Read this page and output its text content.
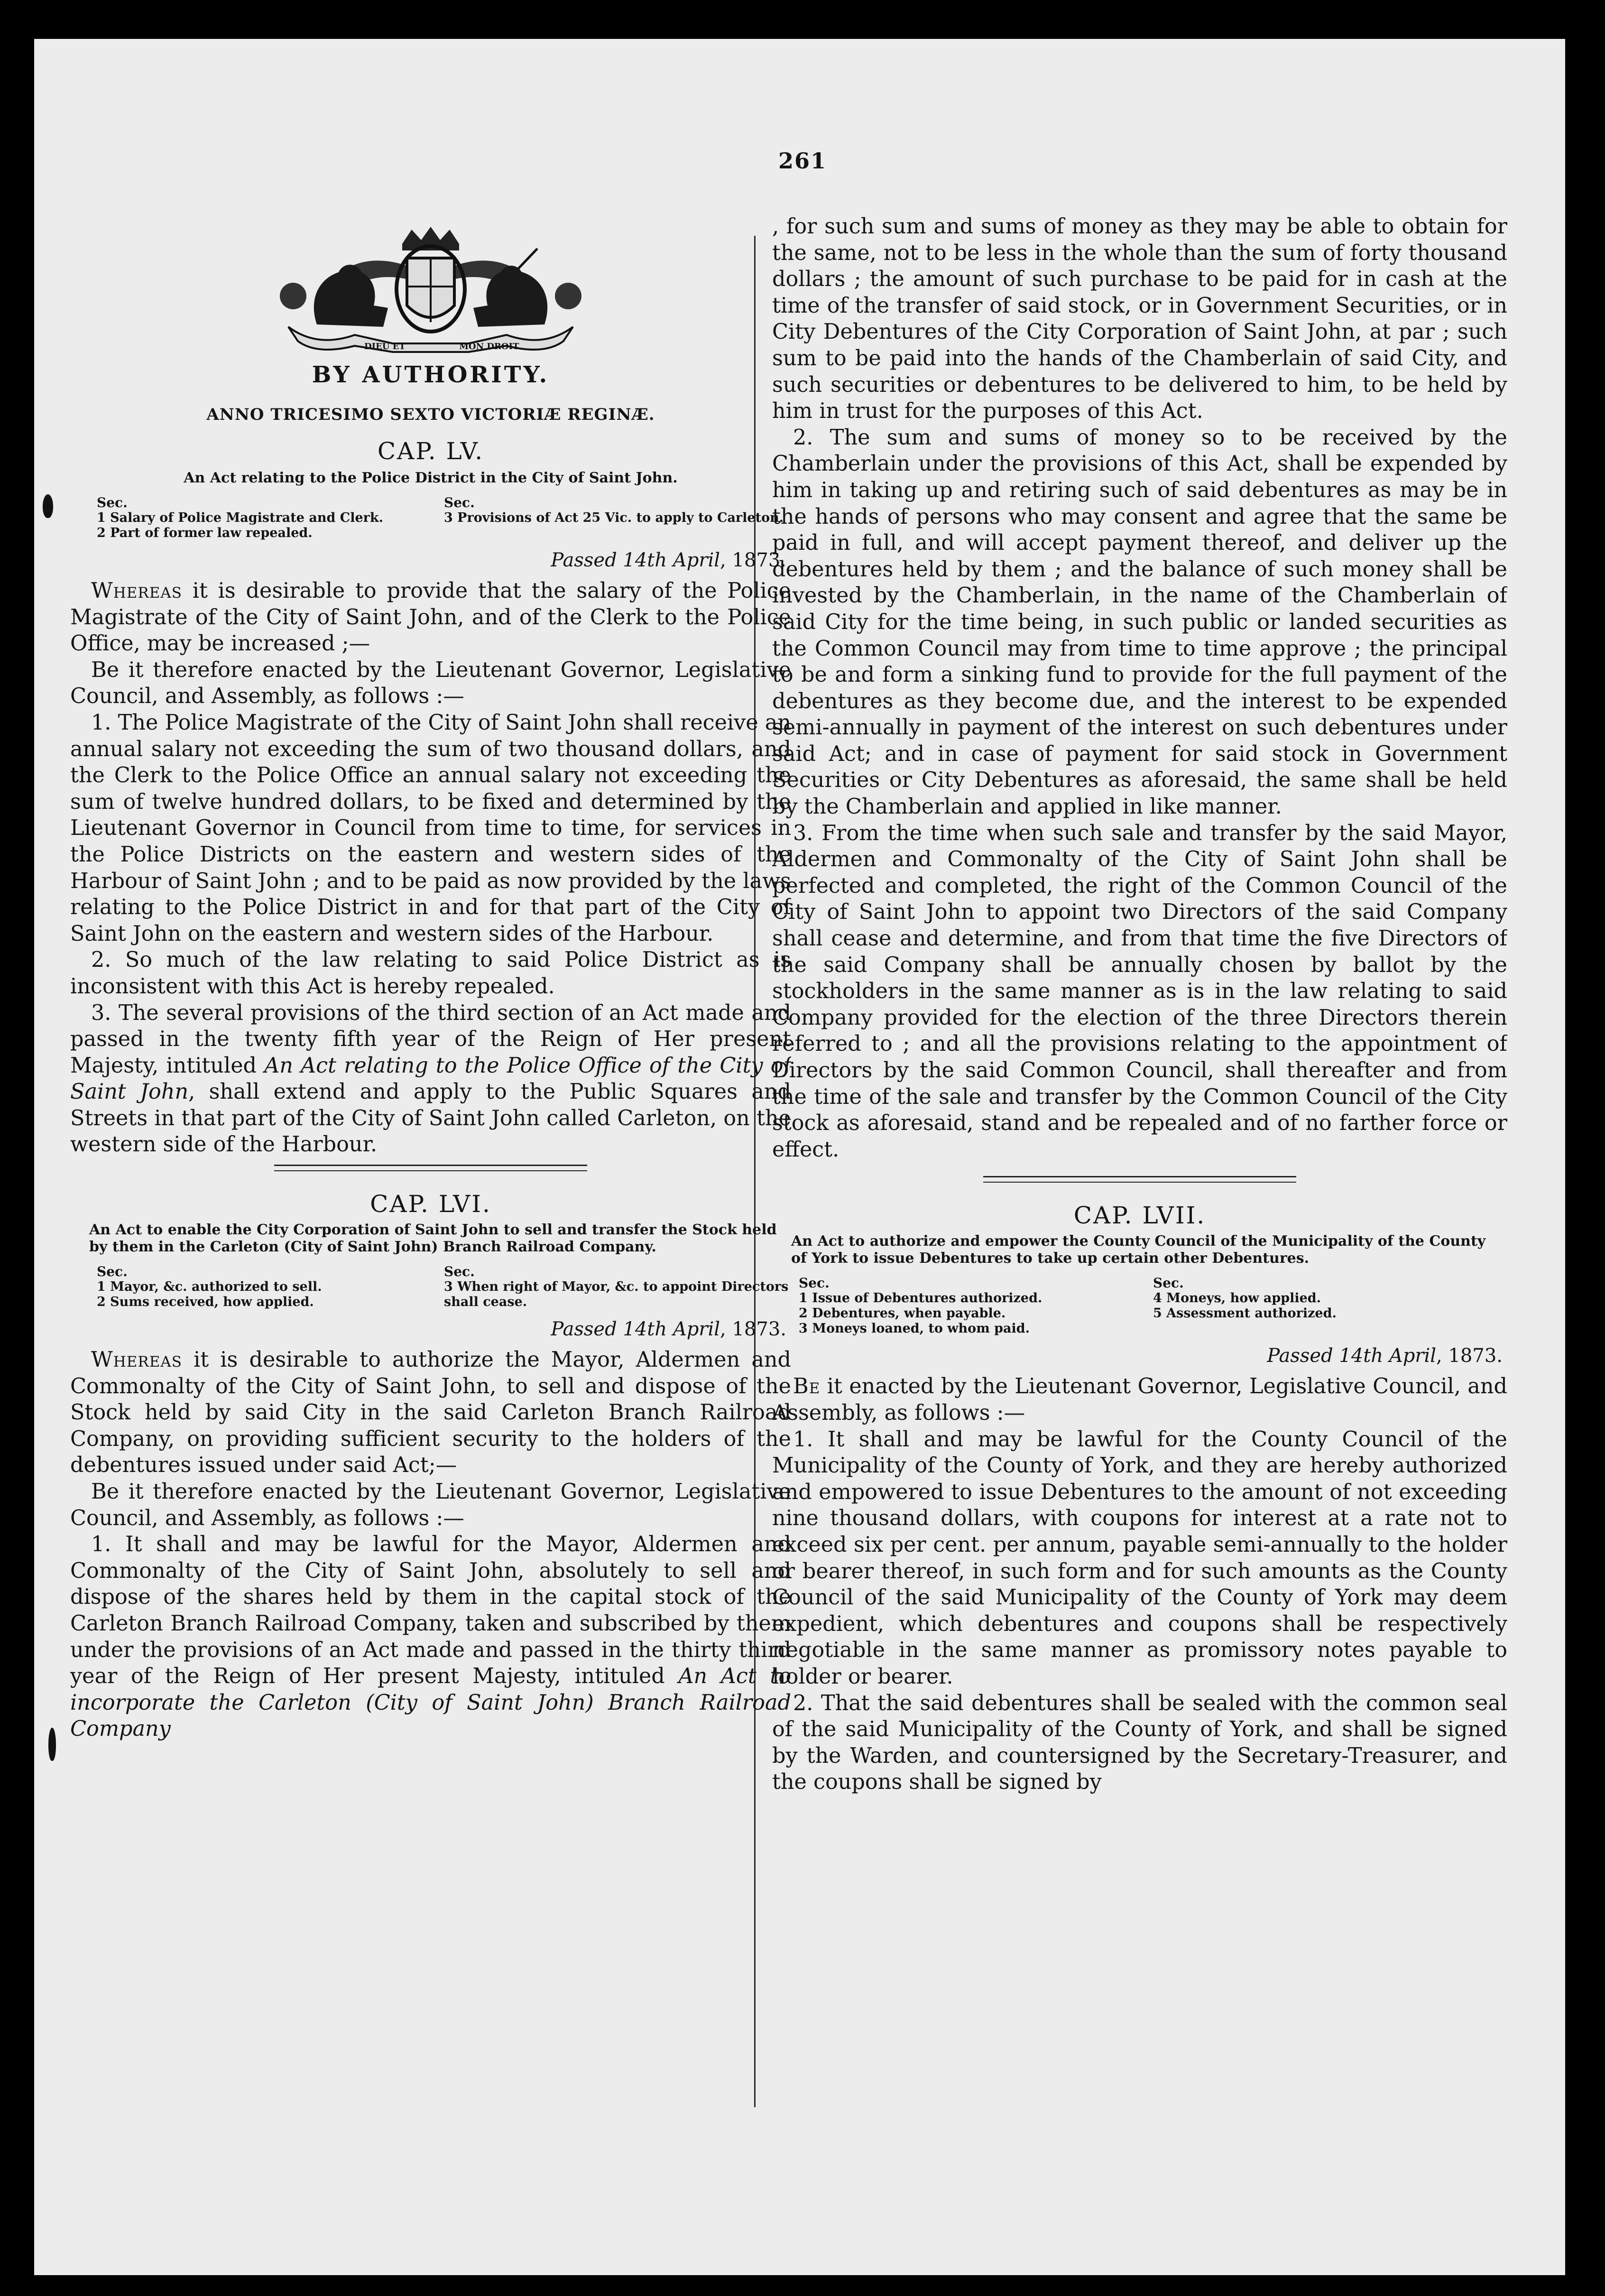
261
DIEU ET	MON DROIT
BY AUTHORITY.
ANNO TRICESIMO SEXTO VICTORIÆ REGINÆ.
CAP. LV.
An Act relating to the Police District in the City of Saint John.
Sec.
1 Salary of Police Magistrate and Clerk.
2 Part of former law repealed.
Sec.
3 Provisions of Act 25 Vic. to apply to Carleton.
Passed 14th April, 1873.

Whereas it is desirable to provide that the salary of the Police Magistrate of the City of Saint John, and of the Clerk to the Police Office, may be increased ;—

Be it therefore enacted by the Lieutenant Governor, Legislative Council, and Assembly, as follows :—

1. The Police Magistrate of the City of Saint John shall receive an annual salary not exceeding the sum of two thousand dollars, and the Clerk to the Police Office an annual salary not exceeding the sum of twelve hundred dollars, to be fixed and determined by the Lieutenant Governor in Council from time to time, for services in the Police Districts on the eastern and western sides of the Harbour of Saint John ; and to be paid as now provided by the laws relating to the Police District in and for that part of the City of Saint John on the eastern and western sides of the Harbour.

2. So much of the law relating to said Police District as is inconsistent with this Act is hereby repealed.

3. The several provisions of the third section of an Act made and passed in the twenty fifth year of the Reign of Her present Majesty, intituled An Act relating to the Police Office of the City of Saint John, shall extend and apply to the Public Squares and Streets in that part of the City of Saint John called Carleton, on the western side of the Harbour.

CAP. LVI.
An Act to enable the City Corporation of Saint John to sell and transfer the Stock held by them in the Carleton (City of Saint John) Branch Railroad Company.
Sec.
1 Mayor, &c. authorized to sell.
2 Sums received, how applied.
Sec.
3 When right of Mayor, &c. to appoint Directors shall cease.
Passed 14th April, 1873.

Whereas it is desirable to authorize the Mayor, Aldermen and Commonalty of the City of Saint John, to sell and dispose of the Stock held by said City in the said Carleton Branch Railroad Company, on providing sufficient security to the holders of the debentures issued under said Act;—

Be it therefore enacted by the Lieutenant Governor, Legislative Council, and Assembly, as follows :—

1. It shall and may be lawful for the Mayor, Aldermen and Commonalty of the City of Saint John, absolutely to sell and dispose of the shares held by them in the capital stock of the Carleton Branch Railroad Company, taken and subscribed by them under the provisions of an Act made and passed in the thirty third year of the Reign of Her present Majesty, intituled An Act to incorporate the Carleton (City of Saint John) Branch Railroad Company

, for such sum and sums of money as they may be able to obtain for the same, not to be less in the whole than the sum of forty thousand dollars ; the amount of such purchase to be paid for in cash at the time of the transfer of said stock, or in Government Securities, or in City Debentures of the City Corporation of Saint John, at par ; such sum to be paid into the hands of the Chamberlain of said City, and such securities or debentures to be delivered to him, to be held by him in trust for the purposes of this Act.

2. The sum and sums of money so to be received by the Chamberlain under the provisions of this Act, shall be expended by him in taking up and retiring such of said debentures as may be in the hands of persons who may consent and agree that the same be paid in full, and will accept payment thereof, and deliver up the debentures held by them ; and the balance of such money shall be invested by the Chamberlain, in the name of the Chamberlain of said City for the time being, in such public or landed securities as the Common Council may from time to time approve ; the principal to be and form a sinking fund to provide for the full payment of the debentures as they become due, and the interest to be expended semi-annually in payment of the interest on such debentures under said Act; and in case of payment for said stock in Government Securities or City Debentures as aforesaid, the same shall be held by the Chamberlain and applied in like manner.

3. From the time when such sale and transfer by the said Mayor, Aldermen and Commonalty of the City of Saint John shall be perfected and completed, the right of the Common Council of the City of Saint John to appoint two Directors of the said Company shall cease and determine, and from that time the five Directors of the said Company shall be annually chosen by ballot by the stockholders in the same manner as is in the law relating to said Company provided for the election of the three Directors therein referred to ; and all the provisions relating to the appointment of Directors by the said Common Council, shall thereafter and from the time of the sale and transfer by the Common Council of the City stock as aforesaid, stand and be repealed and of no farther force or effect.

CAP. LVII.
An Act to authorize and empower the County Council of the Municipality of the County of York to issue Debentures to take up certain other Debentures.
Sec.
1 Issue of Debentures authorized.
2 Debentures, when payable.
3 Moneys loaned, to whom paid.
Sec.
4 Moneys, how applied.
5 Assessment authorized.
Passed 14th April, 1873.

Be it enacted by the Lieutenant Governor, Legislative Council, and Assembly, as follows :—

1. It shall and may be lawful for the County Council of the Municipality of the County of York, and they are hereby authorized and empowered to issue Debentures to the amount of not exceeding nine thousand dollars, with coupons for interest at a rate not to exceed six per cent. per annum, payable semi-annually to the holder or bearer thereof, in such form and for such amounts as the County Council of the said Municipality of the County of York may deem expedient, which debentures and coupons shall be respectively negotiable in the same manner as promissory notes payable to holder or bearer.

2. That the said debentures shall be sealed with the common seal of the said Municipality of the County of York, and shall be signed by the Warden, and countersigned by the Secretary-Treasurer, and the coupons shall be signed by
